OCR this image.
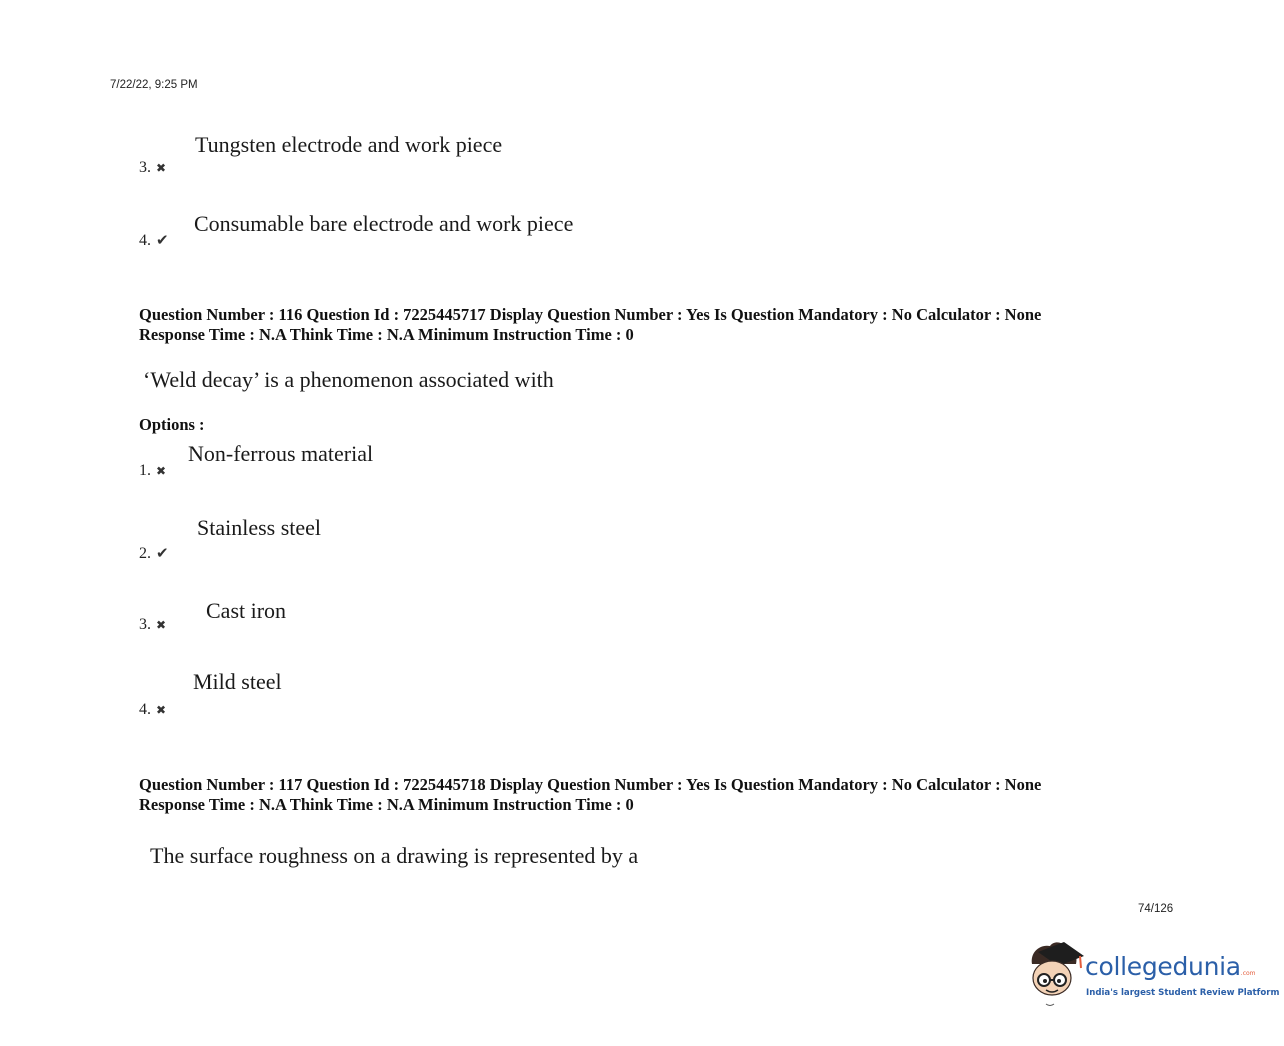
7/22/22, 9:25 PM
Tungsten electrode and work piece
3. ✖
Consumable bare electrode and work piece
4. ✔
Question Number : 116 Question Id : 7225445717 Display Question Number : Yes Is Question Mandatory : No Calculator : None
Response Time : N.A Think Time : N.A Minimum Instruction Time : 0
‘Weld decay’ is a phenomenon associated with
Options :
Non-ferrous material
1. ✖
Stainless steel
2. ✔
Cast iron
3. ✖
Mild steel
4. ✖
Question Number : 117 Question Id : 7225445718 Display Question Number : Yes Is Question Mandatory : No Calculator : None
Response Time : N.A Think Time : N.A Minimum Instruction Time : 0
The surface roughness on a drawing is represented by a
74/126
collegedunia.com
India's largest Student Review Platform
